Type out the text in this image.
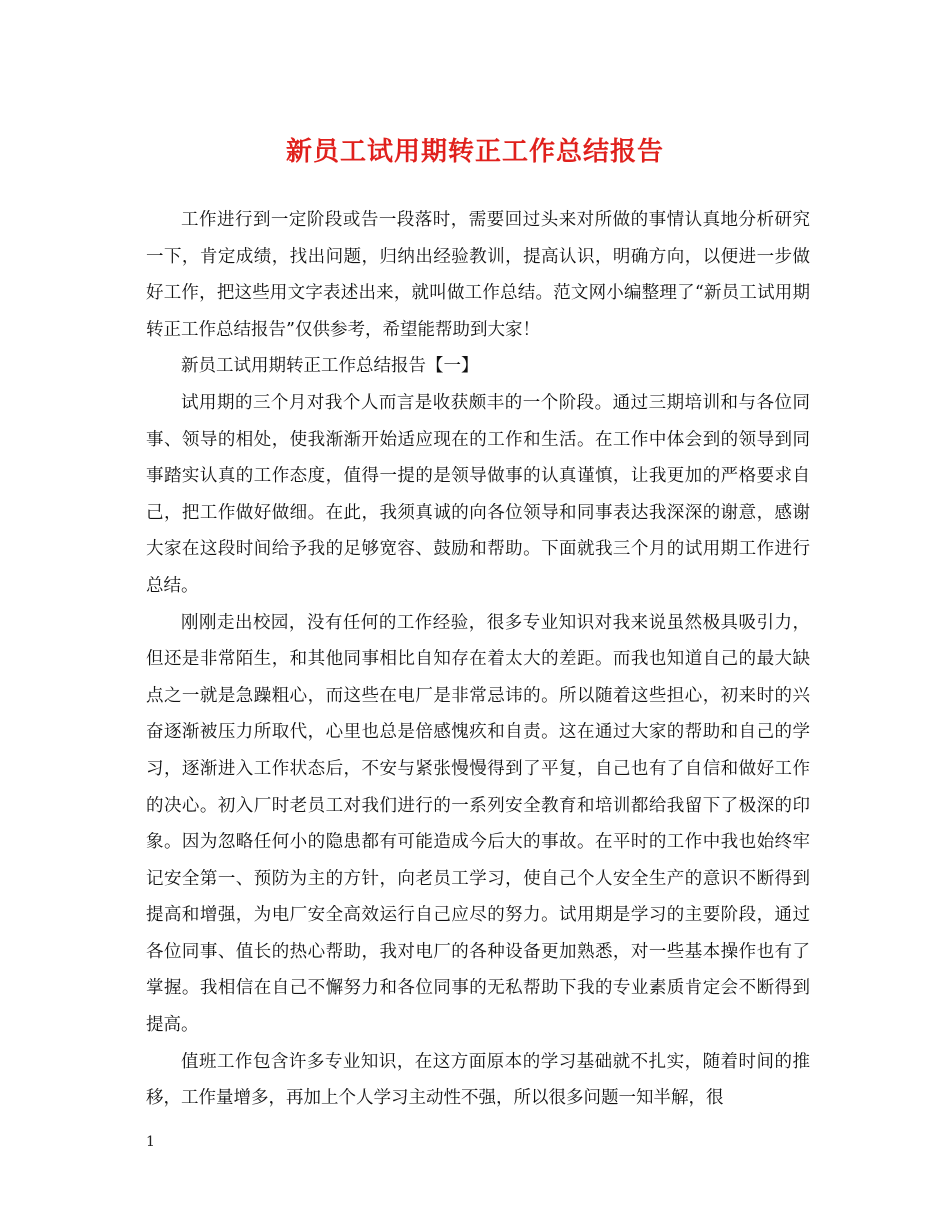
新员工试用期转正工作总结报告

工作进行到一定阶段或告一段落时，需要回过头来对所做的事情认真地分析研究一下，肯定成绩，找出问题，归纳出经验教训，提高认识，明确方向，以便进一步做好工作，把这些用文字表述出来，就叫做工作总结。范文网小编整理了“新员工试用期转正工作总结报告”仅供参考，希望能帮助到大家！

新员工试用期转正工作总结报告【一】

试用期的三个月对我个人而言是收获颇丰的一个阶段。通过三期培训和与各位同事、领导的相处，使我渐渐开始适应现在的工作和生活。在工作中体会到的领导到同事踏实认真的工作态度，值得一提的是领导做事的认真谨慎，让我更加的严格要求自己，把工作做好做细。在此，我须真诚的向各位领导和同事表达我深深的谢意，感谢大家在这段时间给予我的足够宽容、鼓励和帮助。下面就我三个月的试用期工作进行总结。

刚刚走出校园，没有任何的工作经验，很多专业知识对我来说虽然极具吸引力，但还是非常陌生，和其他同事相比自知存在着太大的差距。而我也知道自己的最大缺点之一就是急躁粗心，而这些在电厂是非常忌讳的。所以随着这些担心，初来时的兴奋逐渐被压力所取代，心里也总是倍感愧疚和自责。这在通过大家的帮助和自己的学习，逐渐进入工作状态后，不安与紧张慢慢得到了平复，自己也有了自信和做好工作的决心。初入厂时老员工对我们进行的一系列安全教育和培训都给我留下了极深的印象。因为忽略任何小的隐患都有可能造成今后大的事故。在平时的工作中我也始终牢记安全第一、预防为主的方针，向老员工学习，使自己个人安全生产的意识不断得到提高和增强，为电厂安全高效运行自己应尽的努力。试用期是学习的主要阶段，通过各位同事、值长的热心帮助，我对电厂的各种设备更加熟悉，对一些基本操作也有了掌握。我相信在自己不懈努力和各位同事的无私帮助下我的专业素质肯定会不断得到提高。

值班工作包含许多专业知识，在这方面原本的学习基础就不扎实，随着时间的推移，工作量增多，再加上个人学习主动性不强，所以很多问题一知半解，很

1
